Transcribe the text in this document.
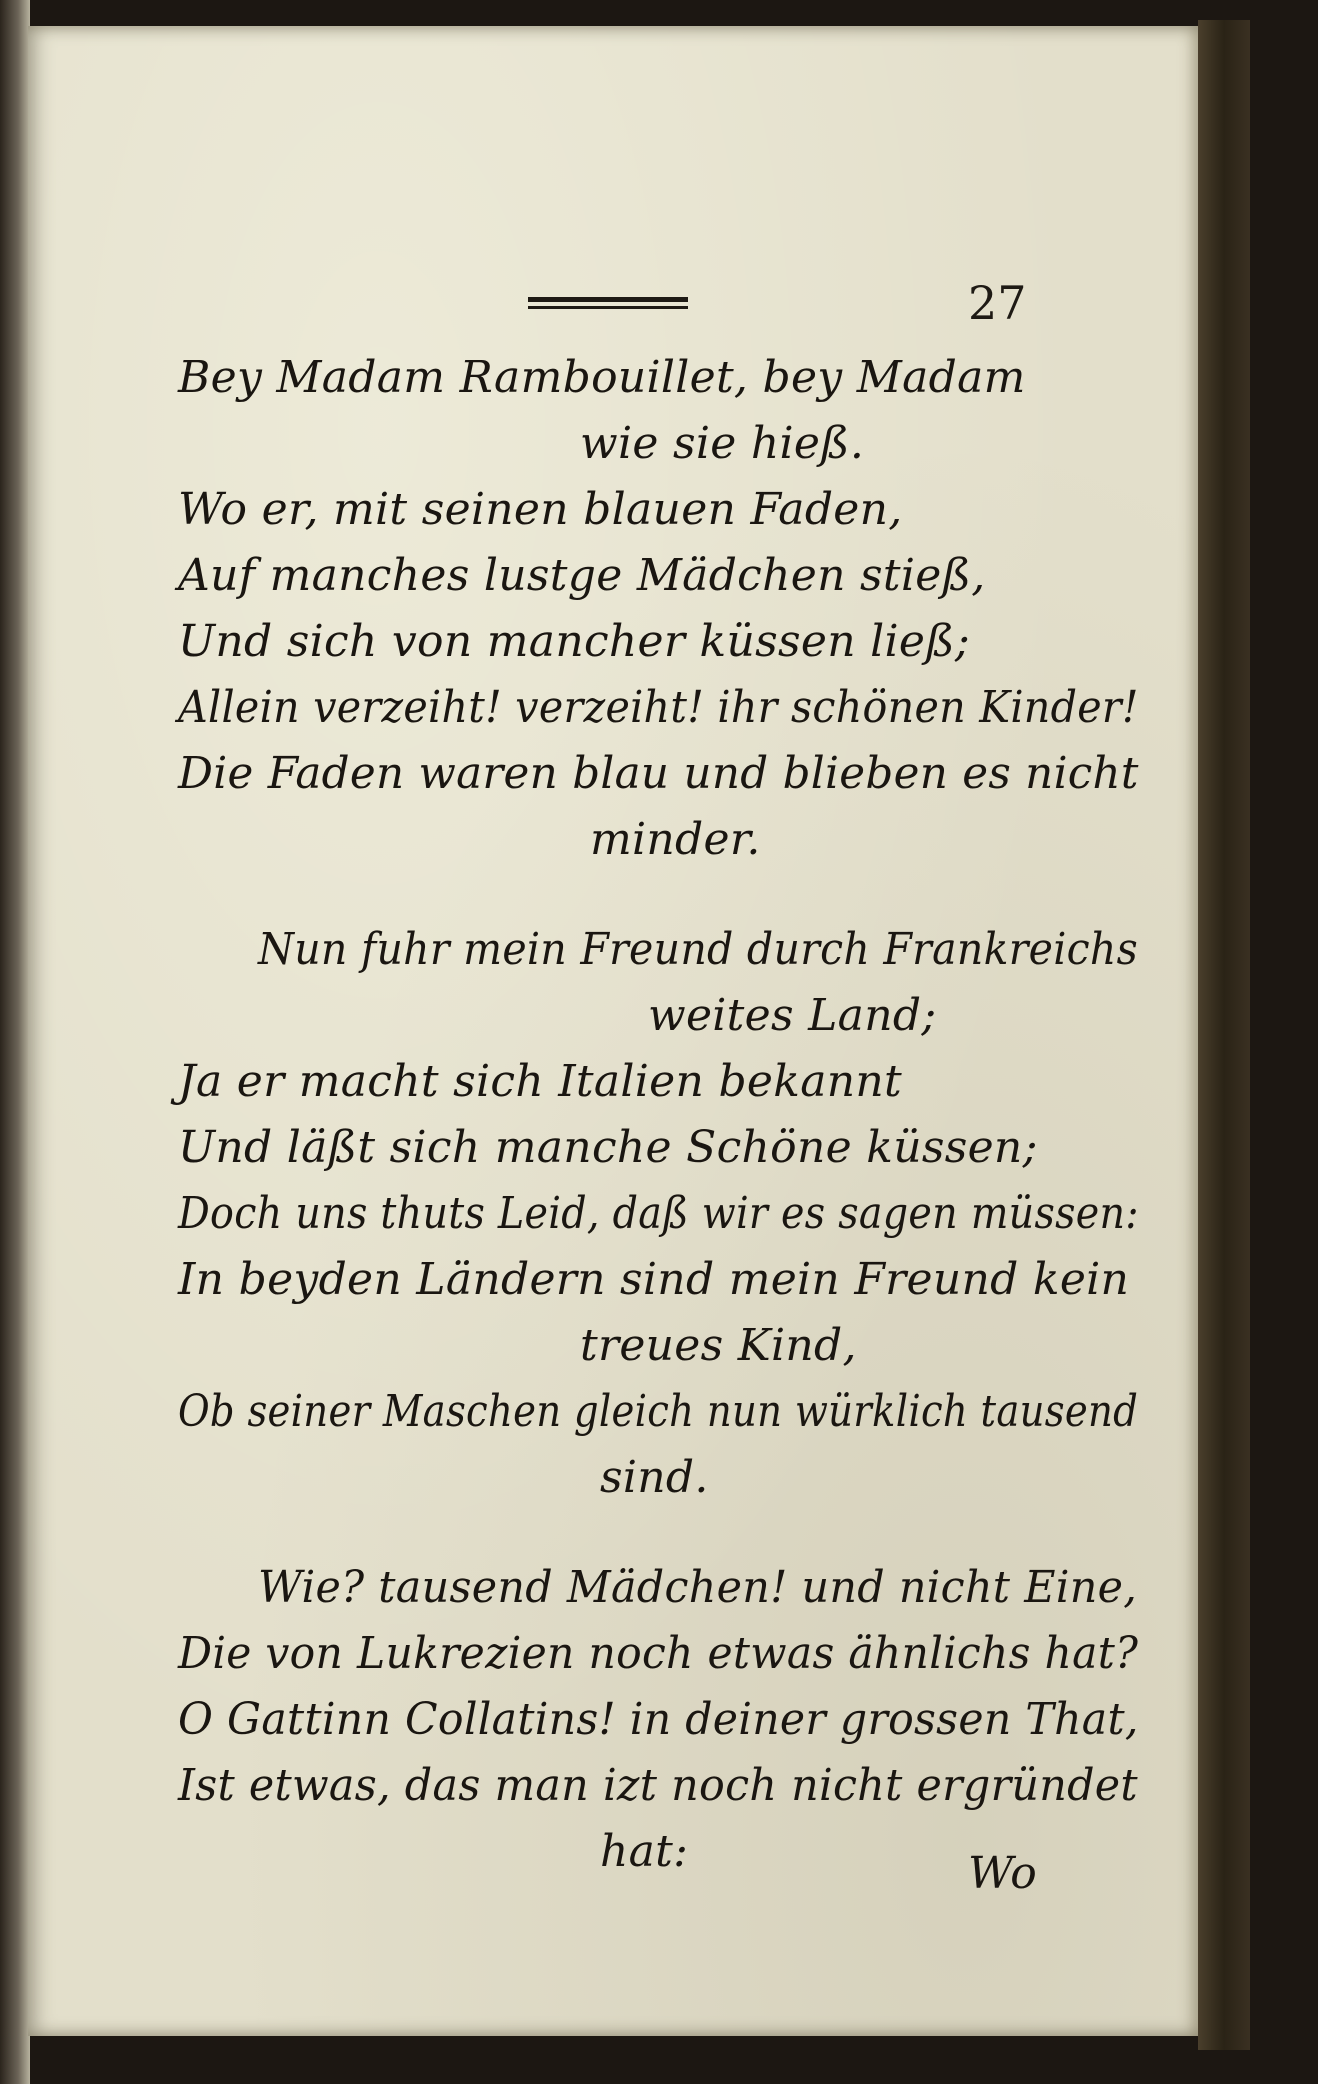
27
Bey Madam Rambouillet, bey Madam
wie sie hieß.
Wo er, mit seinen blauen Faden,
Auf manches lustge Mädchen stieß,
Und sich von mancher küssen ließ;
Allein verzeiht! verzeiht! ihr schönen Kinder!
Die Faden waren blau und blieben es nicht
minder.
Nun fuhr mein Freund durch Frankreichs
weites Land;
Ja er macht sich Italien bekannt
Und läßt sich manche Schöne küssen;
Doch uns thuts Leid, daß wir es sagen müssen:
In beyden Ländern sind mein Freund kein
treues Kind,
Ob seiner Maschen gleich nun würklich tausend
sind.
Wie? tausend Mädchen! und nicht Eine,
Die von Lukrezien noch etwas ähnlichs hat?
O Gattinn Collatins! in deiner grossen That,
Ist etwas, das man izt noch nicht ergründet
hat:	Wo
